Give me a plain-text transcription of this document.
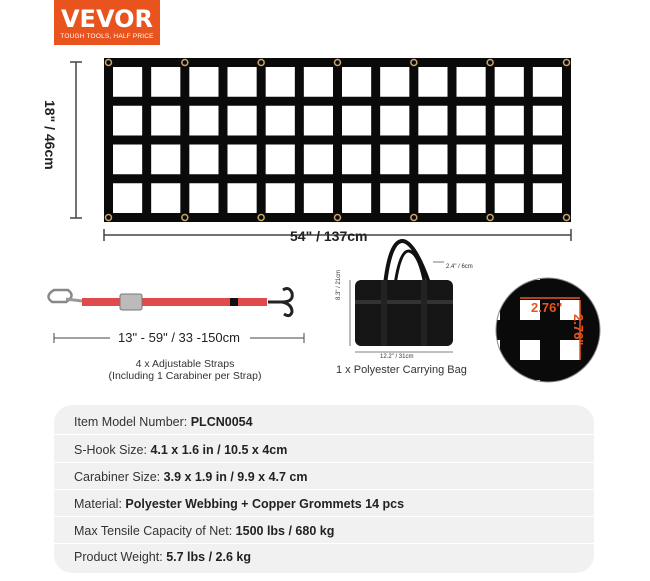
VEVOR
TOUGH TOOLS, HALF PRICE
18" / 46cm
54" / 137cm
13" - 59" / 33 -150cm
4 x Adjustable Straps
(Including 1 Carabiner per Strap)	1 x Polyester Carrying Bag
8.3" / 21cm
12.2" / 31cm
2.4" / 6cm
2.76"
2.76"
Item Model Number: PLCN0054
S-Hook Size: 4.1 x 1.6 in / 10.5 x 4cm
Carabiner Size: 3.9 x 1.9 in / 9.9 x 4.7 cm
Material: Polyester Webbing + Copper Grommets 14 pcs
Max Tensile Capacity of Net: 1500 lbs / 680 kg
Product Weight: 5.7 lbs / 2.6 kg
